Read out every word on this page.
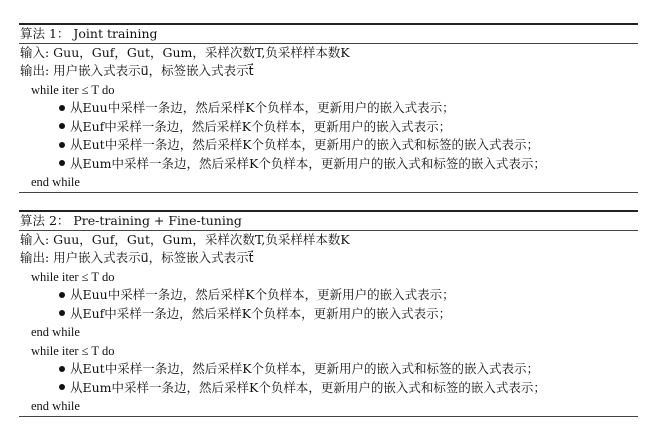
算法 1： Joint training
输入: Guu，Guf，Gut，Gum，采样次数T,负采样样本数K
输出: 用户嵌入式表示u⃗，标签嵌入式表示t⃗
while iter ≤ T do
从Euu中采样一条边，然后采样K个负样本，更新用户的嵌入式表示；
从Euf中采样一条边，然后采样K个负样本，更新用户的嵌入式表示；
从Eut中采样一条边，然后采样K个负样本，更新用户的嵌入式和标签的嵌入式表示；
从Eum中采样一条边，然后采样K个负样本，更新用户的嵌入式和标签的嵌入式表示；
end while
算法 2： Pre-training + Fine-tuning
输入: Guu，Guf，Gut，Gum，采样次数T,负采样样本数K
输出: 用户嵌入式表示u⃗，标签嵌入式表示t⃗
while iter ≤ T do
从Euu中采样一条边，然后采样K个负样本，更新用户的嵌入式表示；
从Euf中采样一条边，然后采样K个负样本，更新用户的嵌入式表示；
end while
while iter ≤ T do
从Eut中采样一条边，然后采样K个负样本，更新用户的嵌入式和标签的嵌入式表示；
从Eum中采样一条边，然后采样K个负样本，更新用户的嵌入式和标签的嵌入式表示；
end while
